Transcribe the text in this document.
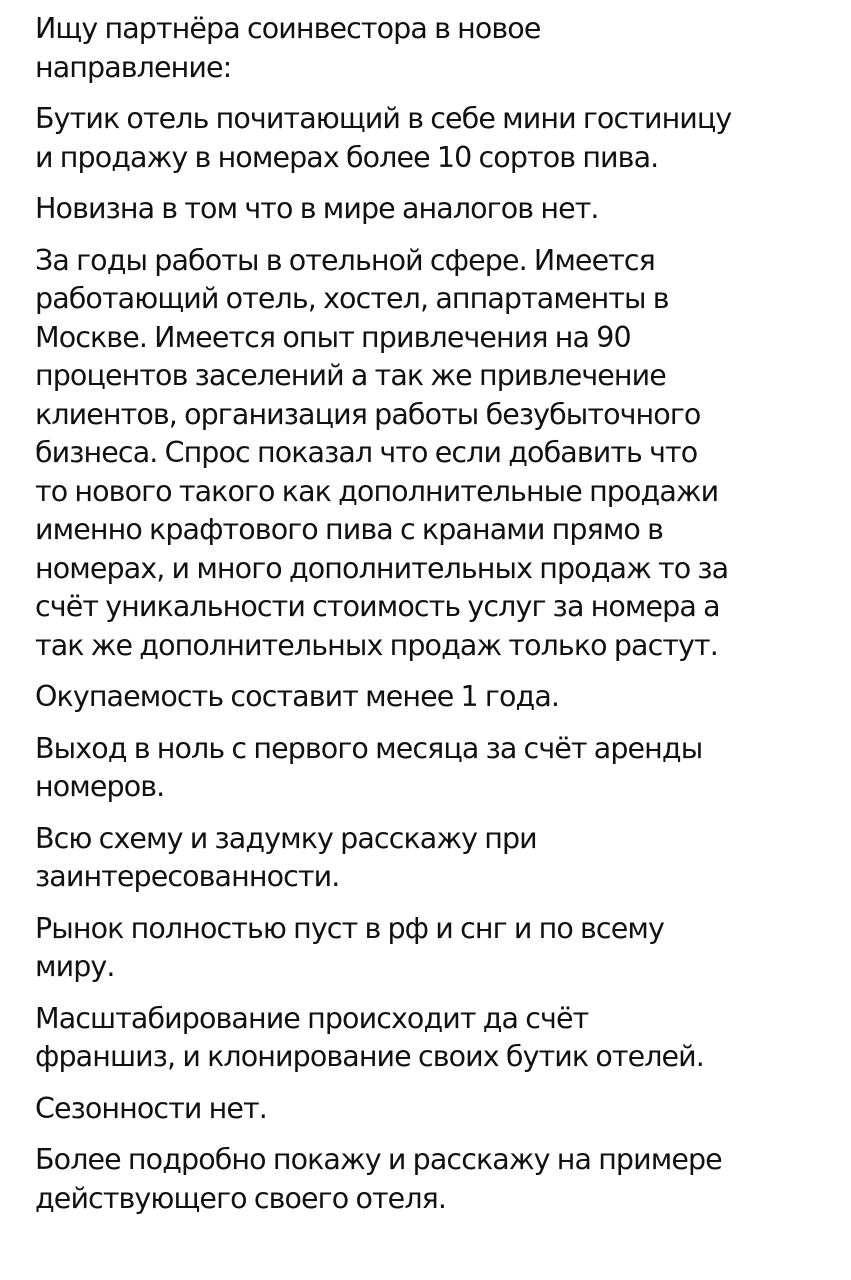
Ищу партнёра соинвестора в новое
направление:

Бутик отель почитающий в себе мини гостиницу
и продажу в номерах более 10 сортов пива.

Новизна в том что в мире аналогов нет.

За годы работы в отельной сфере. Имеется
работающий отель, хостел, аппартаменты в
Москве. Имеется опыт привлечения на 90
процентов заселений а так же привлечение
клиентов, организация работы безубыточного
бизнеса. Спрос показал что если добавить что
то нового такого как дополнительные продажи
именно крафтового пива с кранами прямо в
номерах, и много дополнительных продаж то за
счёт уникальности стоимость услуг за номера а
так же дополнительных продаж только растут.

Окупаемость составит менее 1 года.

Выход в ноль с первого месяца за счёт аренды
номеров.

Всю схему и задумку расскажу при
заинтересованности.

Рынок полностью пуст в рф и снг и по всему
миру.

Масштабирование происходит да счёт
франшиз, и клонирование своих бутик отелей.

Сезонности нет.

Более подробно покажу и расскажу на примере
действующего своего отеля.
